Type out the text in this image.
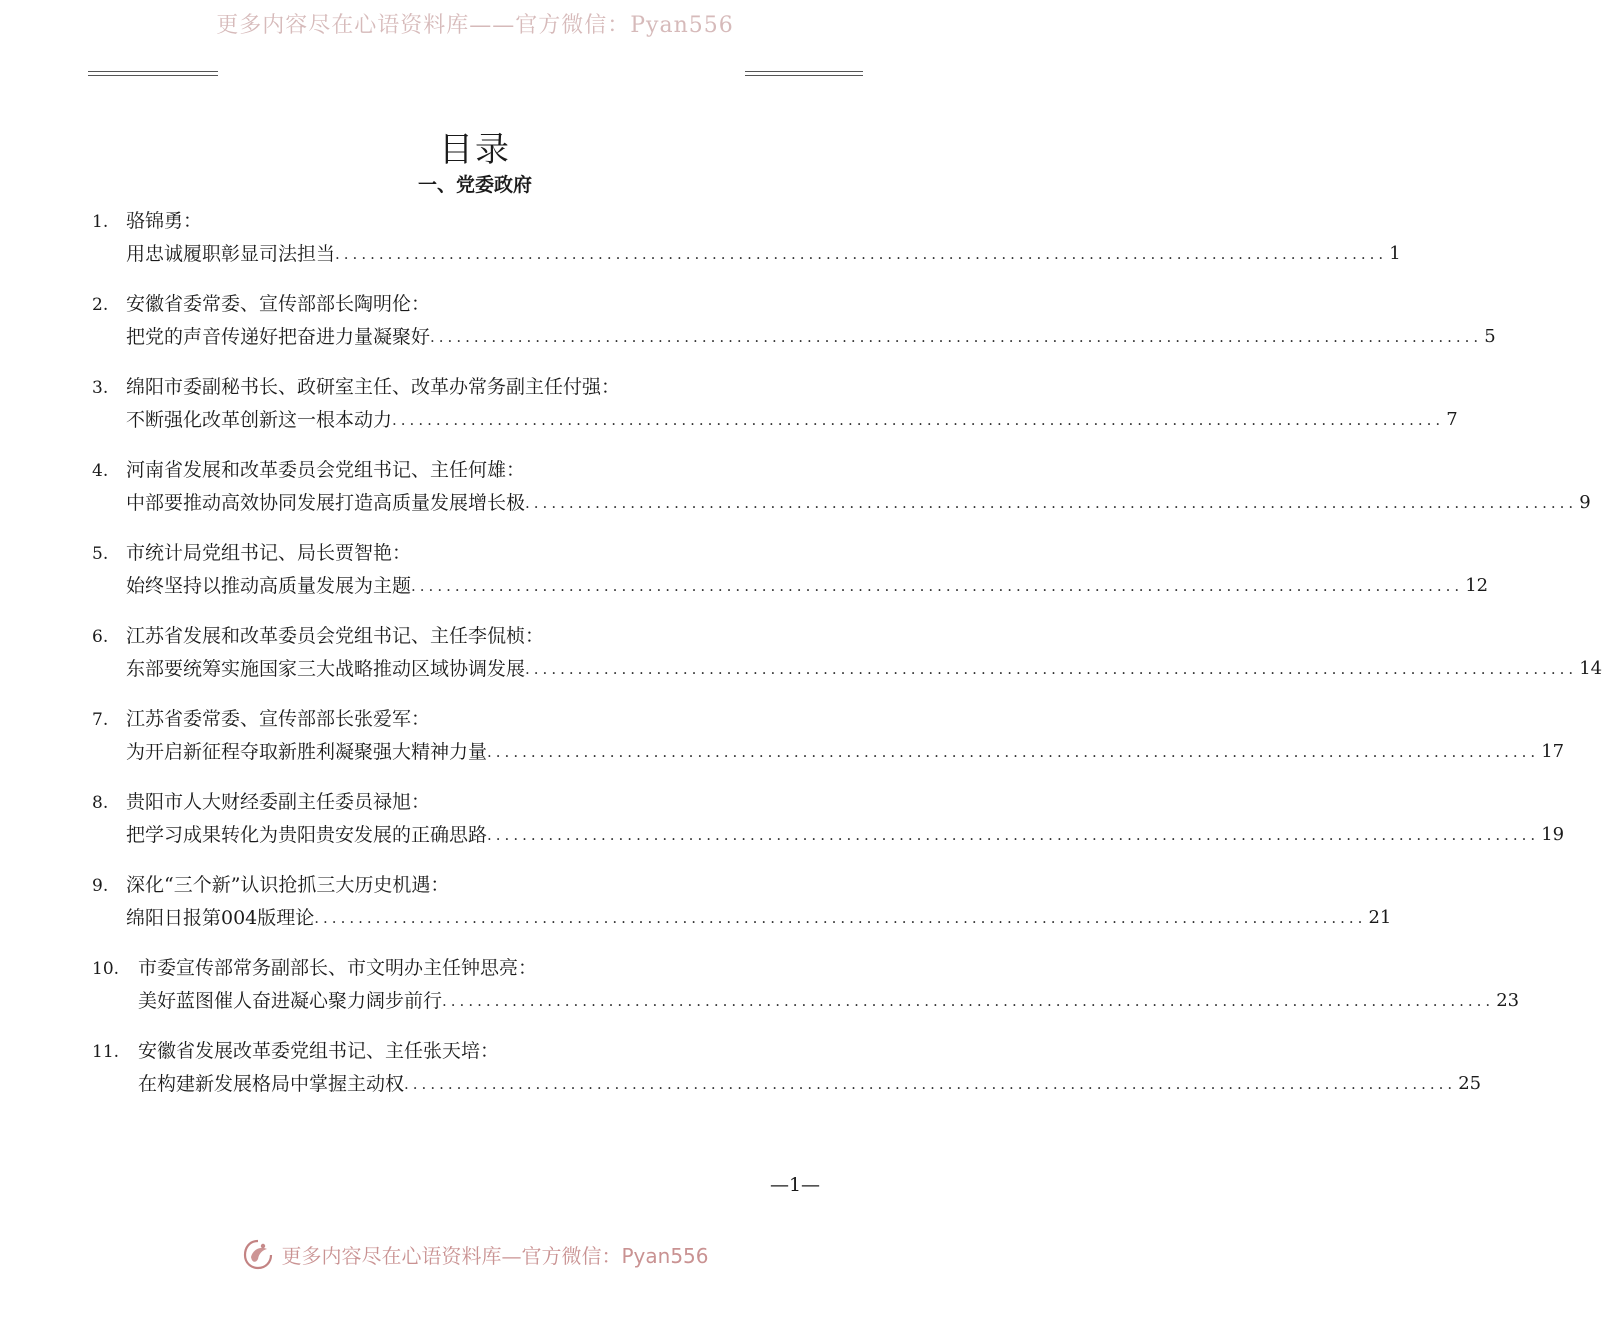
更多内容尽在心语资料库——官方微信：Pyan556
目录
一、党委政府
1. 骆锦勇：
用忠诚履职彰显司法担当 ........................................................................................................................ 1
2. 安徽省委常委、宣传部部长陶明伦：
把党的声音传递好把奋进力量凝聚好 ........................................................................................................................ 5
3. 绵阳市委副秘书长、政研室主任、改革办常务副主任付强：
不断强化改革创新这一根本动力 ........................................................................................................................ 7
4. 河南省发展和改革委员会党组书记、主任何雄：
中部要推动高效协同发展打造高质量发展增长极 ........................................................................................................................ 9
5. 市统计局党组书记、局长贾智艳：
始终坚持以推动高质量发展为主题 ........................................................................................................................ 12
6. 江苏省发展和改革委员会党组书记、主任李侃桢：
东部要统筹实施国家三大战略推动区域协调发展 ........................................................................................................................ 14
7. 江苏省委常委、宣传部部长张爱军：
为开启新征程夺取新胜利凝聚强大精神力量 ........................................................................................................................ 17
8. 贵阳市人大财经委副主任委员禄旭：
把学习成果转化为贵阳贵安发展的正确思路 ........................................................................................................................ 19
9. 深化“三个新”认识抢抓三大历史机遇：
绵阳日报第004版理论 ........................................................................................................................ 21
10. 市委宣传部常务副部长、市文明办主任钟思亮：
美好蓝图催人奋进凝心聚力阔步前行 ........................................................................................................................ 23
11. 安徽省发展改革委党组书记、主任张天培：
在构建新发展格局中掌握主动权 ........................................................................................................................ 25
—1—
更多内容尽在心语资料库—官方微信：Pyan556
